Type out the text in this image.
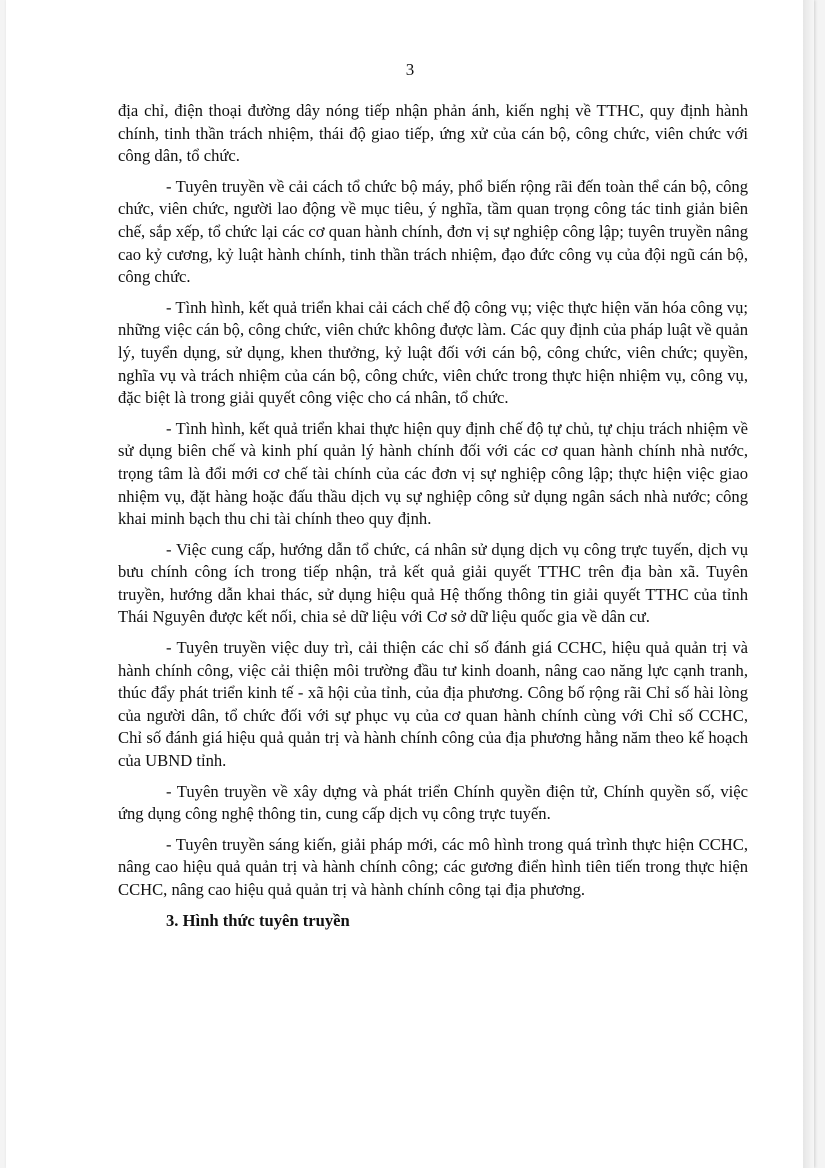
3

địa chỉ, điện thoại đường dây nóng tiếp nhận phản ánh, kiến nghị về TTHC, quy định hành chính, tinh thần trách nhiệm, thái độ giao tiếp, ứng xử của cán bộ, công chức, viên chức với công dân, tổ chức.

- Tuyên truyền về cải cách tổ chức bộ máy, phổ biến rộng rãi đến toàn thể cán bộ, công chức, viên chức, người lao động về mục tiêu, ý nghĩa, tầm quan trọng công tác tinh giản biên chế, sắp xếp, tổ chức lại các cơ quan hành chính, đơn vị sự nghiệp công lập; tuyên truyền nâng cao kỷ cương, kỷ luật hành chính, tinh thần trách nhiệm, đạo đức công vụ của đội ngũ cán bộ, công chức.

- Tình hình, kết quả triển khai cải cách chế độ công vụ; việc thực hiện văn hóa công vụ; những việc cán bộ, công chức, viên chức không được làm. Các quy định của pháp luật về quản lý, tuyển dụng, sử dụng, khen thưởng, kỷ luật đối với cán bộ, công chức, viên chức; quyền, nghĩa vụ và trách nhiệm của cán bộ, công chức, viên chức trong thực hiện nhiệm vụ, công vụ, đặc biệt là trong giải quyết công việc cho cá nhân, tổ chức.

- Tình hình, kết quả triển khai thực hiện quy định chế độ tự chủ, tự chịu trách nhiệm về sử dụng biên chế và kinh phí quản lý hành chính đối với các cơ quan hành chính nhà nước, trọng tâm là đổi mới cơ chế tài chính của các đơn vị sự nghiệp công lập; thực hiện việc giao nhiệm vụ, đặt hàng hoặc đấu thầu dịch vụ sự nghiệp công sử dụng ngân sách nhà nước; công khai minh bạch thu chi tài chính theo quy định.

- Việc cung cấp, hướng dẫn tổ chức, cá nhân sử dụng dịch vụ công trực tuyến, dịch vụ bưu chính công ích trong tiếp nhận, trả kết quả giải quyết TTHC trên địa bàn xã. Tuyên truyền, hướng dẫn khai thác, sử dụng hiệu quả Hệ thống thông tin giải quyết TTHC của tỉnh Thái Nguyên được kết nối, chia sẻ dữ liệu với Cơ sở dữ liệu quốc gia về dân cư.

- Tuyên truyền việc duy trì, cải thiện các chỉ số đánh giá CCHC, hiệu quả quản trị và hành chính công, việc cải thiện môi trường đầu tư kinh doanh, nâng cao năng lực cạnh tranh, thúc đẩy phát triển kinh tế - xã hội của tỉnh, của địa phương. Công bố rộng rãi Chỉ số hài lòng của người dân, tổ chức đối với sự phục vụ của cơ quan hành chính cùng với Chỉ số CCHC, Chỉ số đánh giá hiệu quả quản trị và hành chính công của địa phương hằng năm theo kế hoạch của UBND tỉnh.

- Tuyên truyền về xây dựng và phát triển Chính quyền điện tử, Chính quyền số, việc ứng dụng công nghệ thông tin, cung cấp dịch vụ công trực tuyến.

- Tuyên truyền sáng kiến, giải pháp mới, các mô hình trong quá trình thực hiện CCHC, nâng cao hiệu quả quản trị và hành chính công; các gương điển hình tiên tiến trong thực hiện CCHC, nâng cao hiệu quả quản trị và hành chính công tại địa phương.

3. Hình thức tuyên truyền
